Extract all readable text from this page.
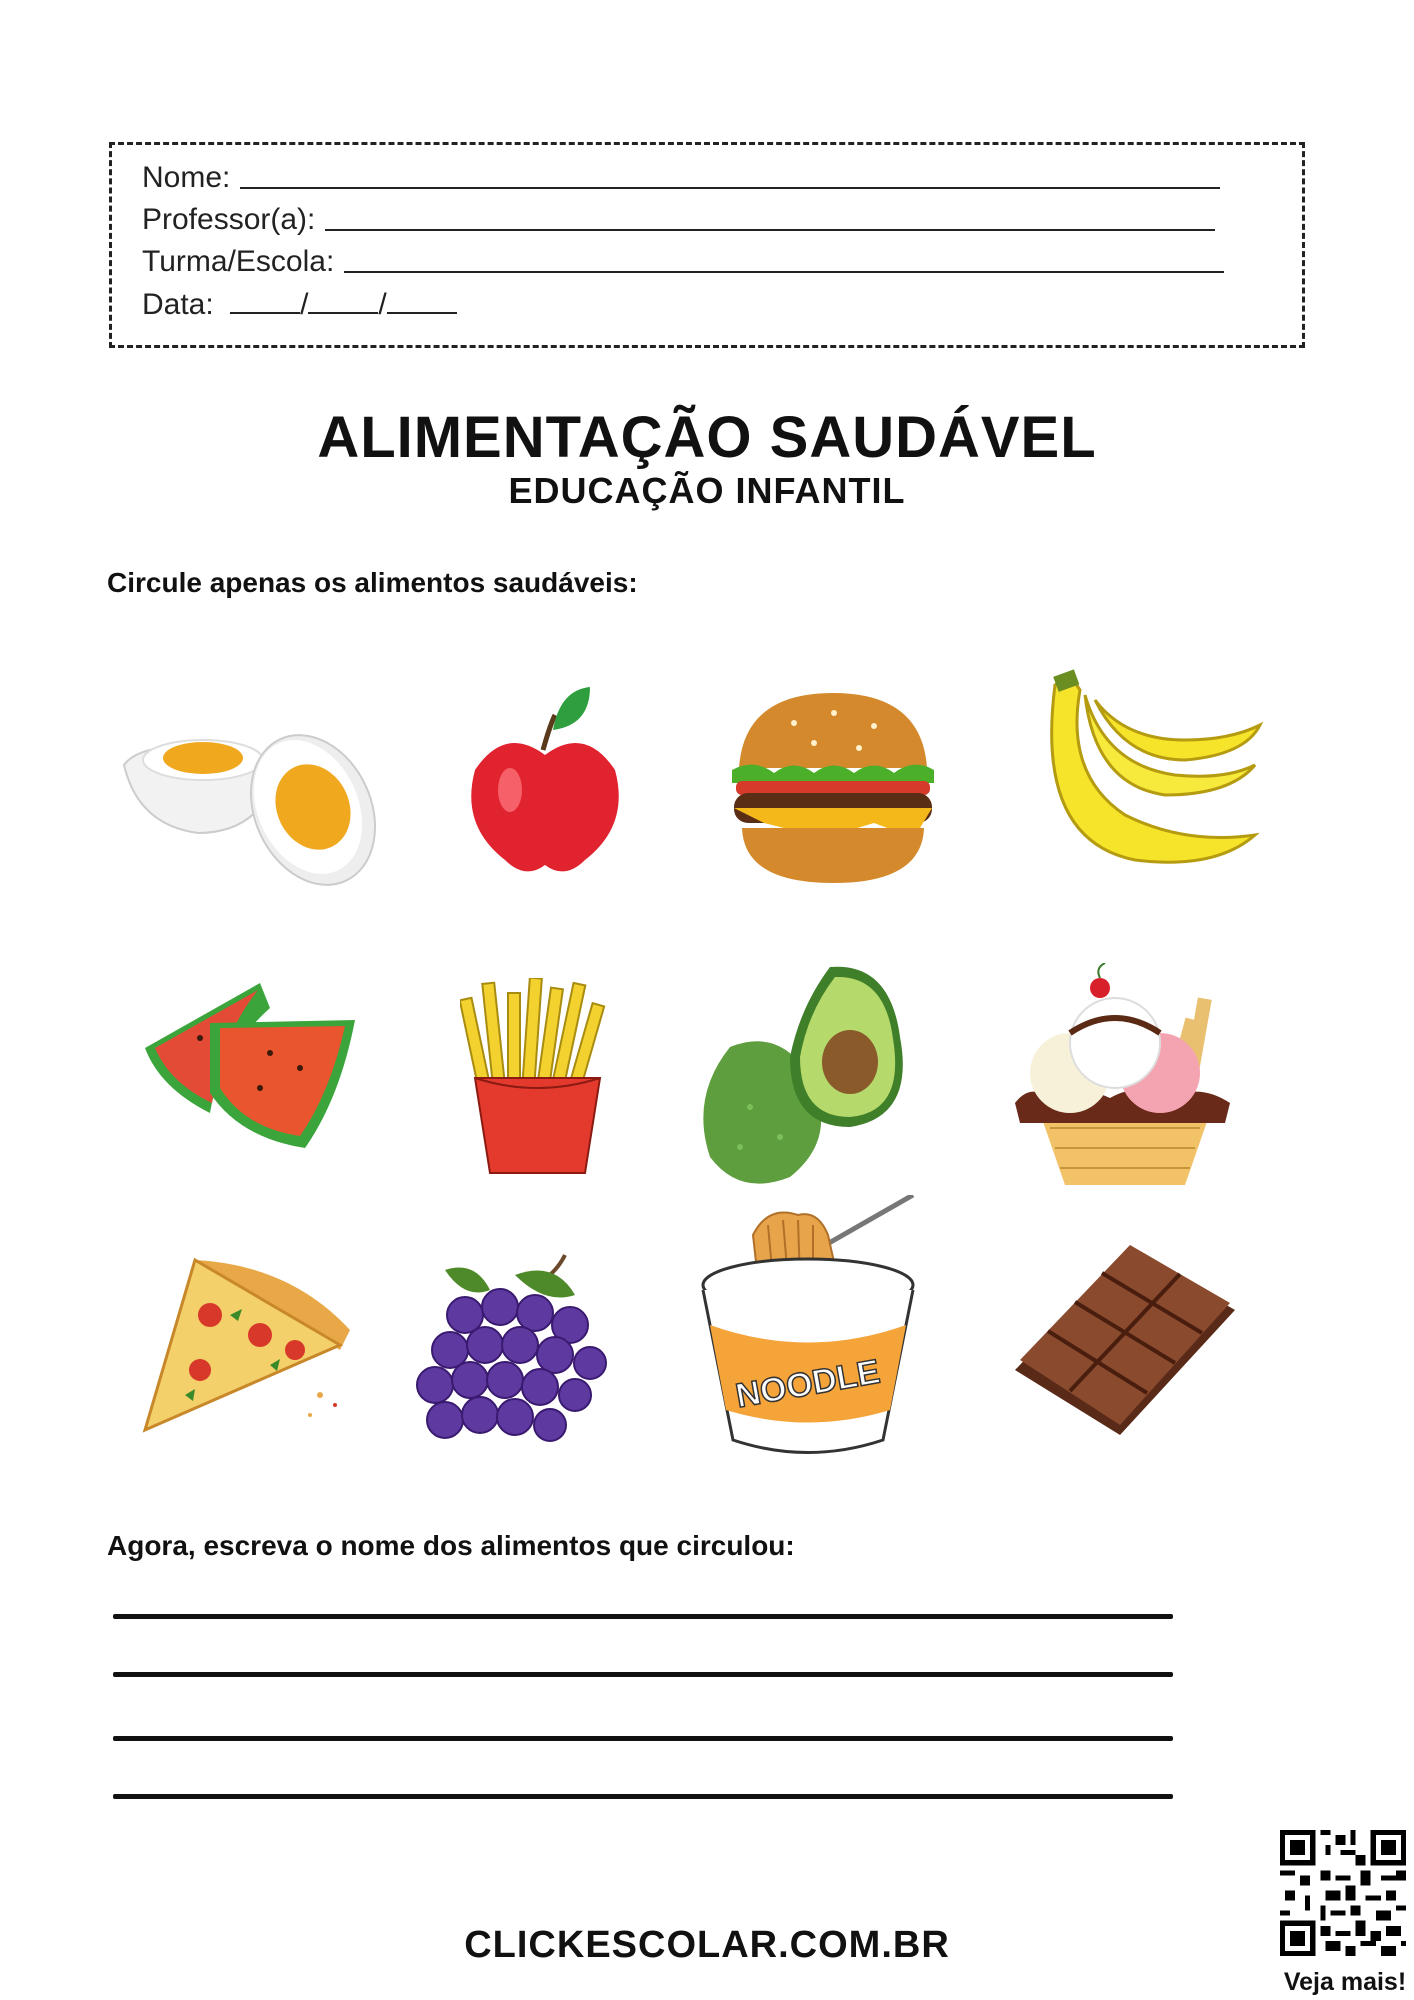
Nome:
Professor(a):
Turma/Escola:
Data:	/ /
ALIMENTAÇÃO SAUDÁVEL
EDUCAÇÃO INFANTIL
Circule apenas os alimentos saudáveis:
NOODLE
Agora, escreva o nome dos alimentos que circulou:
CLICKESCOLAR.COM.BR
Veja mais!
